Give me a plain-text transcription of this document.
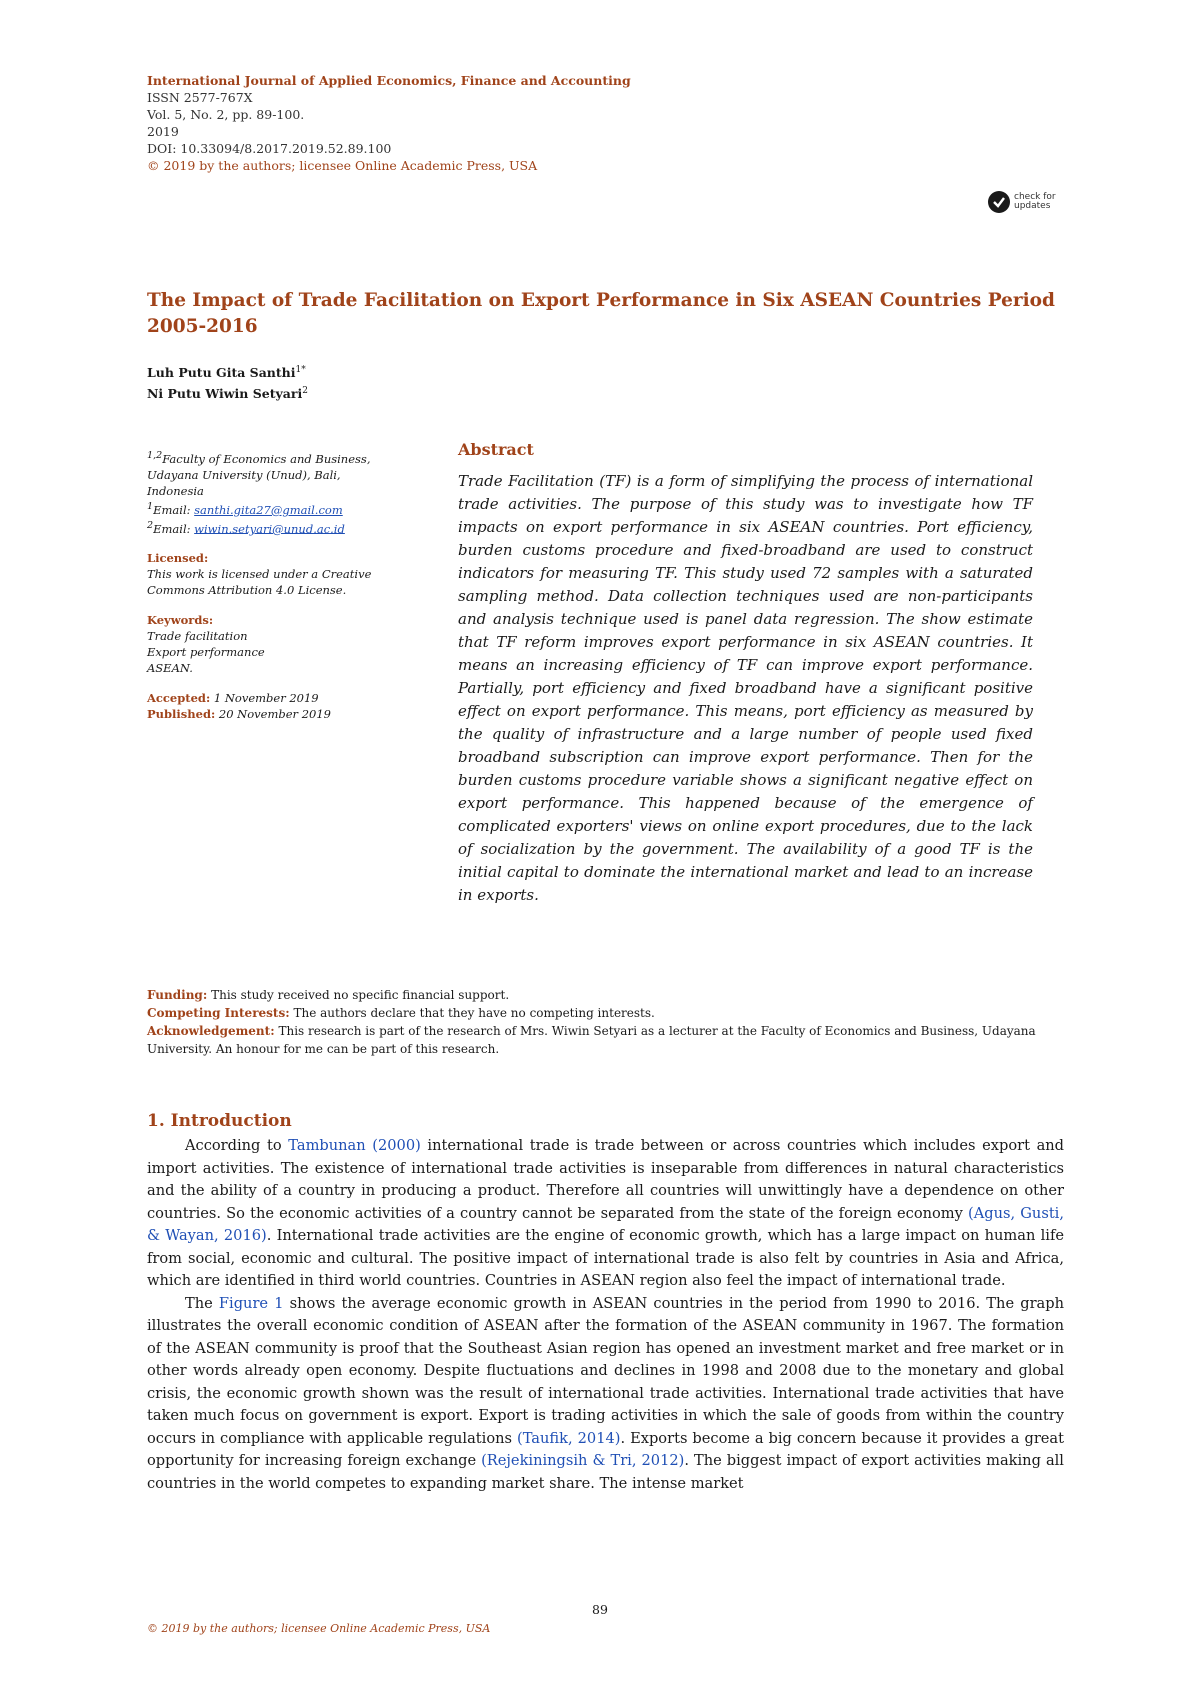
International Journal of Applied Economics, Finance and Accounting
ISSN 2577-767X
Vol. 5, No. 2, pp. 89-100.
2019
DOI: 10.33094/8.2017.2019.52.89.100
© 2019 by the authors; licensee Online Academic Press, USA
check for
updates
The Impact of Trade Facilitation on Export Performance in Six ASEAN Countries Period 2005-2016
Luh Putu Gita Santhi$^{1*}$
Ni Putu Wiwin Setyari$^2$
$^{1,2}$Faculty of Economics and Business, Udayana University (Unud), Bali, Indonesia
$^1$Email: santhi.gita27@gmail.com
$^2$Email: wiwin.setyari@unud.ac.id
Licensed:
This work is licensed under a Creative Commons Attribution 4.0 License.
Keywords:
Trade facilitation
Export performance
ASEAN.
Accepted: 1 November 2019
Published: 20 November 2019
Abstract

Trade Facilitation (TF) is a form of simplifying the process of international trade activities. The purpose of this study was to investigate how TF impacts on export performance in six ASEAN countries. Port efficiency, burden customs procedure and fixed-broadband are used to construct indicators for measuring TF. This study used 72 samples with a saturated sampling method. Data collection techniques used are non-participants and analysis technique used is panel data regression. The show estimate that TF reform improves export performance in six ASEAN countries. It means an increasing efficiency of TF can improve export performance. Partially, port efficiency and fixed broadband have a significant positive effect on export performance. This means, port efficiency as measured by the quality of infrastructure and a large number of people used fixed broadband subscription can improve export performance. Then for the burden customs procedure variable shows a significant negative effect on export performance. This happened because of the emergence of complicated exporters' views on online export procedures, due to the lack of socialization by the government. The availability of a good TF is the initial capital to dominate the international market and lead to an increase in exports.

Funding: This study received no specific financial support.
Competing Interests: The authors declare that they have no competing interests.
Acknowledgement: This research is part of the research of Mrs. Wiwin Setyari as a lecturer at the Faculty of Economics and Business, Udayana University. An honour for me can be part of this research.
1. Introduction

According to Tambunan (2000) international trade is trade between or across countries which includes export and import activities. The existence of international trade activities is inseparable from differences in natural characteristics and the ability of a country in producing a product. Therefore all countries will unwittingly have a dependence on other countries. So the economic activities of a country cannot be separated from the state of the foreign economy (Agus, Gusti, & Wayan, 2016). International trade activities are the engine of economic growth, which has a large impact on human life from social, economic and cultural. The positive impact of international trade is also felt by countries in Asia and Africa, which are identified in third world countries. Countries in ASEAN region also feel the impact of international trade.

The Figure 1 shows the average economic growth in ASEAN countries in the period from 1990 to 2016. The graph illustrates the overall economic condition of ASEAN after the formation of the ASEAN community in 1967. The formation of the ASEAN community is proof that the Southeast Asian region has opened an investment market and free market or in other words already open economy. Despite fluctuations and declines in 1998 and 2008 due to the monetary and global crisis, the economic growth shown was the result of international trade activities. International trade activities that have taken much focus on government is export. Export is trading activities in which the sale of goods from within the country occurs in compliance with applicable regulations (Taufik, 2014). Exports become a big concern because it provides a great opportunity for increasing foreign exchange (Rejekiningsih & Tri, 2012). The biggest impact of export activities making all countries in the world competes to expanding market share. The intense market

89
© 2019 by the authors; licensee Online Academic Press, USA
